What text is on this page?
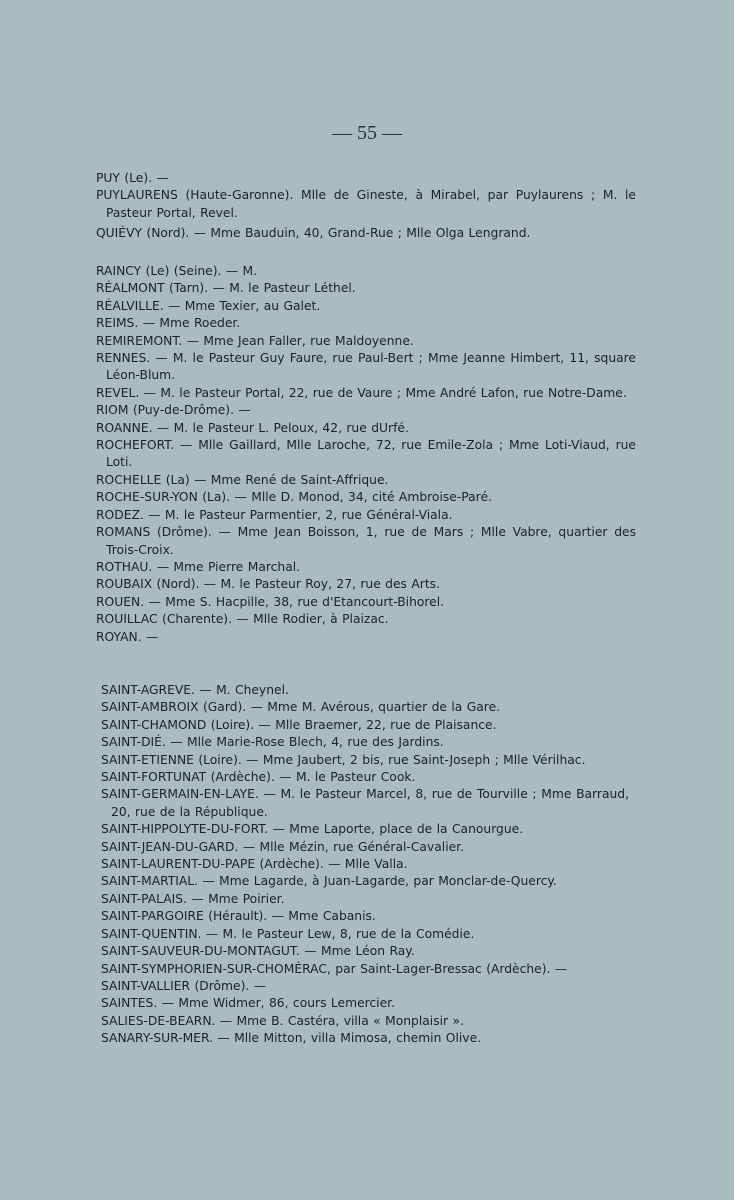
— 55 —
PUY (Le). —
PUYLAURENS (Haute-Garonne). Mlle de Gineste, à Mirabel, par Puylaurens ; M. le Pasteur Portal, Revel.
QUIÉVY (Nord). — Mme Bauduin, 40, Grand-Rue ; Mlle Olga Lengrand.
RAINCY (Le) (Seine). — M.
RÉALMONT (Tarn). — M. le Pasteur Léthel.
RÉALVILLE. — Mme Texier, au Galet.
REIMS. — Mme Roeder.
REMIREMONT. — Mme Jean Faller, rue Maldoyenne.
RENNES. — M. le Pasteur Guy Faure, rue Paul-Bert ; Mme Jeanne Himbert, 11, square Léon-Blum.
REVEL. — M. le Pasteur Portal, 22, rue de Vaure ; Mme André Lafon, rue Notre-Dame.
RIOM (Puy-de-Drôme). —
ROANNE. — M. le Pasteur L. Peloux, 42, rue dUrfé.
ROCHEFORT. — Mlle Gaillard, Mlle Laroche, 72, rue Emile-Zola ; Mme Loti-Viaud, rue Loti.
ROCHELLE (La) — Mme René de Saint-Affrique.
ROCHE-SUR-YON (La). — Mlle D. Monod, 34, cité Ambroise-Paré.
RODEZ. — M. le Pasteur Parmentier, 2, rue Général-Viala.
ROMANS (Drôme). — Mme Jean Boisson, 1, rue de Mars ; Mlle Vabre, quartier des Trois-Croix.
ROTHAU. — Mme Pierre Marchal.
ROUBAIX (Nord). — M. le Pasteur Roy, 27, rue des Arts.
ROUEN. — Mme S. Hacpille, 38, rue d'Etancourt-Bihorel.
ROUILLAC (Charente). — Mlle Rodier, à Plaizac.
ROYAN. —
SAINT-AGREVE. — M. Cheynel.
SAINT-AMBROIX (Gard). — Mme M. Avérous, quartier de la Gare.
SAINT-CHAMOND (Loire). — Mlle Braemer, 22, rue de Plaisance.
SAINT-DIÉ. — Mlle Marie-Rose Blech, 4, rue des Jardins.
SAINT-ETIENNE (Loire). — Mme Jaubert, 2 bis, rue Saint-Joseph ; Mlle Vérilhac.
SAINT-FORTUNAT (Ardèche). — M. le Pasteur Cook.
SAINT-GERMAIN-EN-LAYE. — M. le Pasteur Marcel, 8, rue de Tourville ; Mme Barraud, 20, rue de la République.
SAINT-HIPPOLYTE-DU-FORT. — Mme Laporte, place de la Canourgue.
SAINT-JEAN-DU-GARD. — Mlle Mézin, rue Général-Cavalier.
SAINT-LAURENT-DU-PAPE (Ardèche). — Mlle Valla.
SAINT-MARTIAL. — Mme Lagarde, à Juan-Lagarde, par Monclar-de-Quercy.
SAINT-PALAIS. — Mme Poirier.
SAINT-PARGOIRE (Hérault). — Mme Cabanis.
SAINT-QUENTIN. — M. le Pasteur Lew, 8, rue de la Comédie.
SAINT-SAUVEUR-DU-MONTAGUT. — Mme Léon Ray.
SAINT-SYMPHORIEN-SUR-CHOMÉRAC, par Saint-Lager-Bressac (Ardèche). —
SAINT-VALLIER (Drôme). —
SAINTES. — Mme Widmer, 86, cours Lemercier.
SALIES-DE-BEARN. — Mme B. Castéra, villa « Monplaisir ».
SANARY-SUR-MER. — Mlle Mitton, villa Mimosa, chemin Olive.
